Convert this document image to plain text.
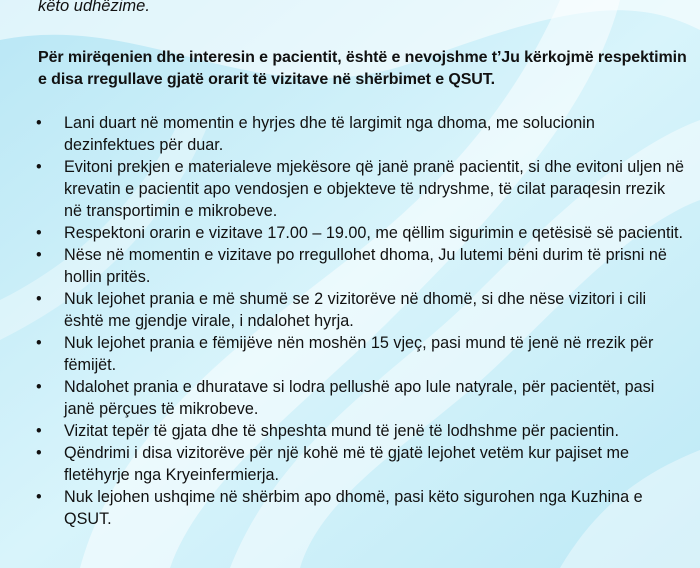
këto udhëzime.

Për mirëqenien dhe interesin e pacientit, është e nevojshme t’Ju kërkojmë respektimin e disa rregullave gjatë orarit të vizitave në shërbimet e QSUT.

• Lani duart në momentin e hyrjes dhe të largimit nga dhoma, me solucionin dezinfektues për duar.
• Evitoni prekjen e materialeve mjekësore që janë pranë pacientit, si dhe evitoni uljen në krevatin e pacientit apo vendosjen e objekteve të ndryshme, të cilat paraqesin rrezik në transportimin e mikrobeve.
• Respektoni orarin e vizitave 17.00 – 19.00, me qëllim sigurimin e qetësisë së pacientit.
• Nëse në momentin e vizitave po rregullohet dhoma, Ju lutemi bëni durim të prisni në hollin pritës.
• Nuk lejohet prania e më shumë se 2 vizitorëve në dhomë, si dhe nëse vizitori i cili është me gjendje virale, i ndalohet hyrja.
• Nuk lejohet prania e fëmijëve nën moshën 15 vjeç, pasi mund të jenë në rrezik për fëmijët.
• Ndalohet prania e dhuratave si lodra pellushë apo lule natyrale, për pacientët, pasi janë përçues të mikrobeve.
• Vizitat tepër të gjata dhe të shpeshta mund të jenë të lodhshme për pacientin.
• Qëndrimi i disa vizitorëve për një kohë më të gjatë lejohet vetëm kur pajiset me fletëhyrje nga Kryeinfermierja.
• Nuk lejohen ushqime në shërbim apo dhomë, pasi këto sigurohen nga Kuzhina e QSUT.
